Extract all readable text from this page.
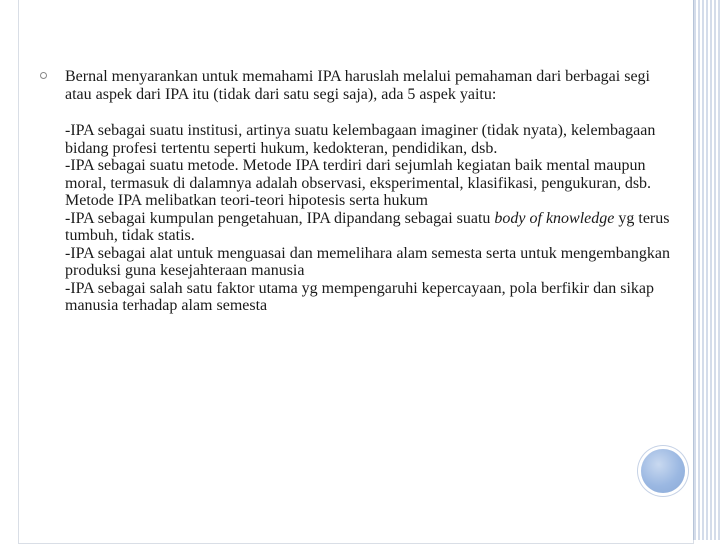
Bernal menyarankan untuk memahami IPA haruslah melalui pemahaman dari berbagai segi atau aspek dari IPA itu (tidak dari satu segi saja), ada 5 aspek yaitu:

-IPA sebagai suatu institusi, artinya suatu kelembagaan imaginer (tidak nyata), kelembagaan bidang profesi tertentu seperti hukum, kedokteran, pendidikan, dsb.

-IPA sebagai suatu metode. Metode IPA terdiri dari sejumlah kegiatan baik mental maupun moral, termasuk di dalamnya adalah observasi, eksperimental, klasifikasi, pengukuran, dsb. Metode IPA melibatkan teori-teori hipotesis serta hukum

-IPA sebagai kumpulan pengetahuan, IPA dipandang sebagai suatu body of knowledge yg terus tumbuh, tidak statis.

-IPA sebagai alat untuk menguasai dan memelihara alam semesta serta untuk mengembangkan produksi guna kesejahteraan manusia

-IPA sebagai salah satu faktor utama yg mempengaruhi kepercayaan, pola berfikir dan sikap manusia terhadap alam semesta
